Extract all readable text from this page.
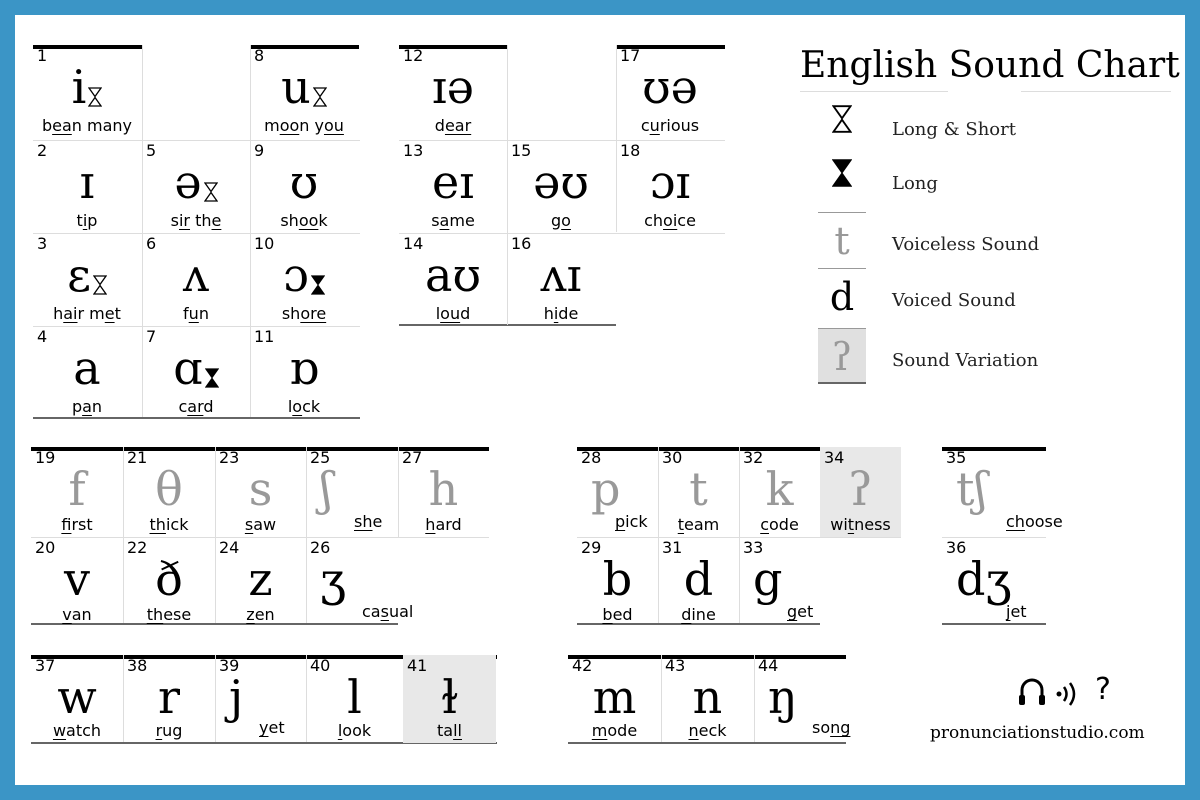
English Sound Chart
1
i
bean many
2
ɪ
tip
3
ɛ
hair met
4
a
pan
5
ə
sir the
6
ʌ
fun
7
ɑ
card
8
u
moon you
9
ʊ
shook
10
ɔ
shore
11
ɒ
lock
12
ɪə
dear
13
eɪ
same
14
aʊ
loud
15
əʊ
go
16
ʌɪ
hide
17
ʊə
curious
18
ɔɪ
choice
19
f
first
20
v
van
21
θ
thick
22
ð
these
23
s
saw
24
z
zen
25
ʃ
she
26
ʒ
casual
27
h
hard
28
p
pick
29
b
bed
30
t
team
31
d
dine
32
k
code
33
g
get
34
ʔ
witness
35
tʃ
choose
36
dʒ
jet
37
w
watch
38
r
rug
39
j
yet
40
l
look
41
ɫ
tall
42
m
mode
43
n
neck
44
ŋ
song
Long & Short
Long
t	Voiceless Sound
d	Voiced Sound
ʔ	Sound Variation
?
pronunciationstudio.com
